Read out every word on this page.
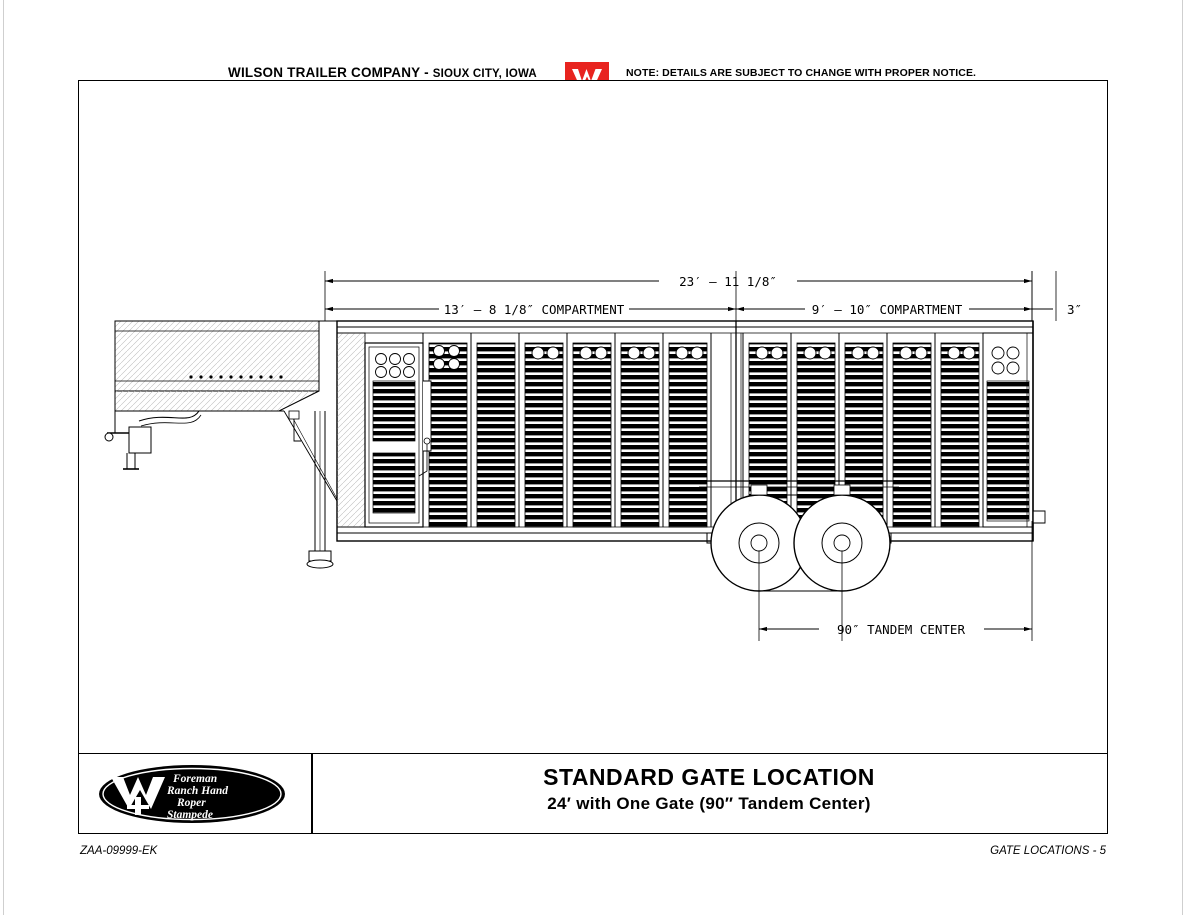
WILSON TRAILER COMPANY - SIOUX CITY, IOWA	NOTE: DETAILS ARE SUBJECT TO CHANGE WITH PROPER NOTICE.
23′ – 11 1/8″
13′ – 8 1/8″ COMPARTMENT	9′ – 10″ COMPARTMENT	3″
90″ TANDEM CENTER
Foreman
Ranch Hand
Roper
Stampede
STANDARD GATE LOCATION
24′ with One Gate (90″ Tandem Center)
ZAA-09999-EK	GATE LOCATIONS - 5
